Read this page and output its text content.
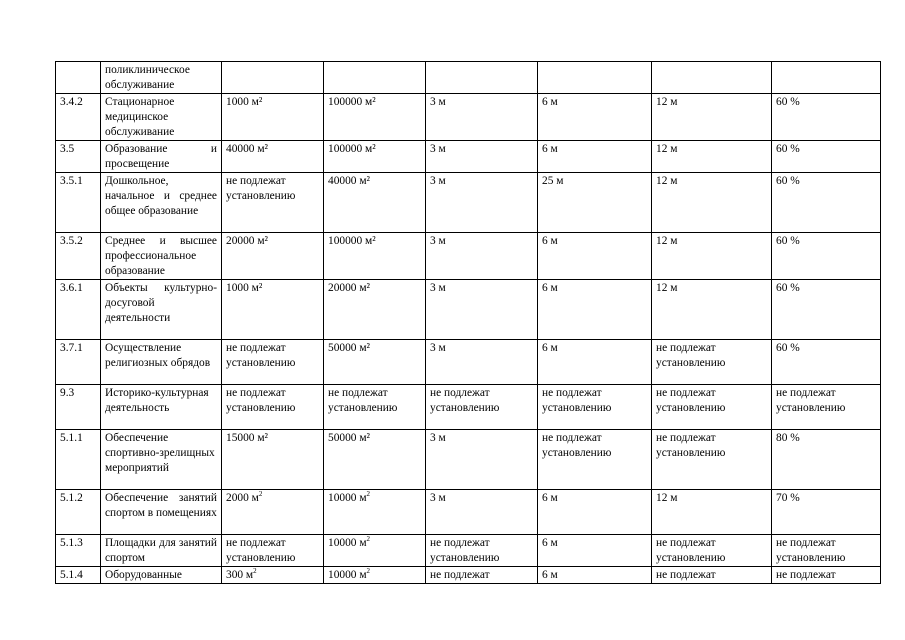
	поликлиническое обслуживание						
3.4.2	Стационарное медицинское обслуживание	1000 м²	100000 м²	3 м	6 м	12 м	60 %
3.5	Образование и просвещение	40000 м²	100000 м²	3 м	6 м	12 м	60 %
3.5.1	Дошкольное, начальное и среднее общее образование	не подлежат установлению	40000 м²	3 м	25 м	12 м	60 %
3.5.2	Среднее и высшее профессиональное образование	20000 м²	100000 м²	3 м	6 м	12 м	60 %
3.6.1	Объекты культурно-досуговой деятельности	1000 м²	20000 м²	3 м	6 м	12 м	60 %
3.7.1	Осуществление религиозных обрядов	не подлежат установлению	50000 м²	3 м	6 м	не подлежат установлению	60 %
9.3	Историко-культурная деятельность	не подлежат установлению	не подлежат установлению	не подлежат установлению	не подлежат установлению	не подлежат установлению	не подлежат установлению
5.1.1	Обеспечение спортивно-зрелищных мероприятий	15000 м²	50000 м²	3 м	не подлежат установлению	не подлежат установлению	80 %
5.1.2	Обеспечение занятий спортом в помещениях	2000 $м^2$	10000 $м^2$	3 м	6 м	12 м	70 %
5.1.3	Площадки для занятий спортом	не подлежат установлению	10000 $м^2$	не подлежат установлению	6 м	не подлежат установлению	не подлежат установлению
5.1.4	Оборудованные	300 $м^2$	10000 $м^2$	не подлежат	6 м	не подлежат	не подлежат
